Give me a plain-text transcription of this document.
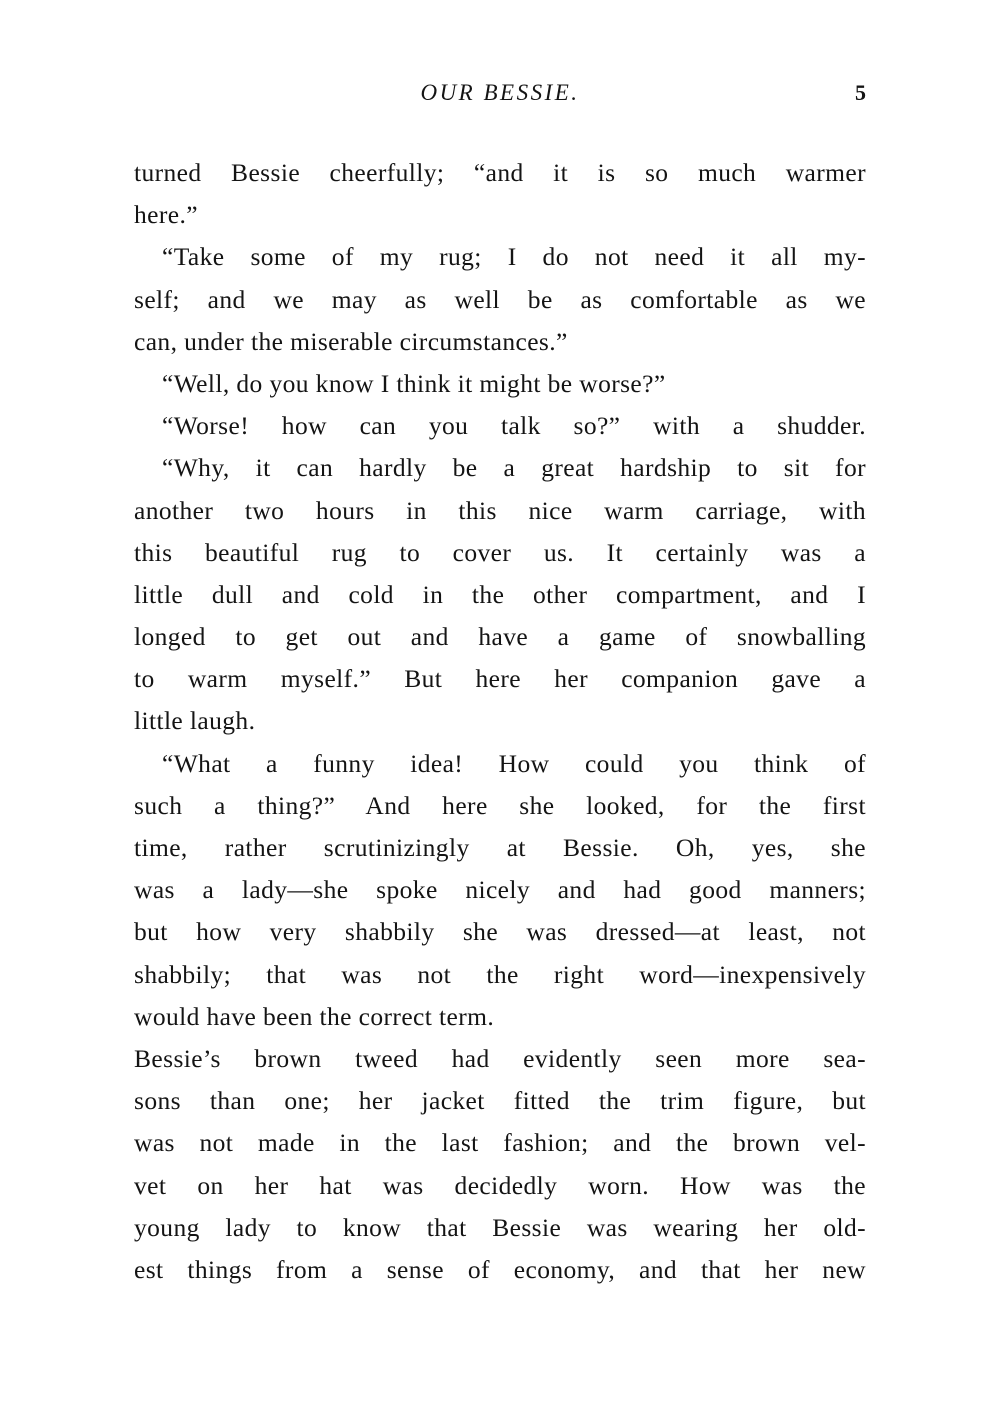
OUR BESSIE.	5
turned Bessie cheerfully; “and it is so much warmer
here.”
“Take some of my rug; I do not need it all my-
self; and we may as well be as comfortable as we
can, under the miserable circumstances.”
“Well, do you know I think it might be worse?”
“Worse! how can you talk so?” with a shudder.
“Why, it can hardly be a great hardship to sit for
another two hours in this nice warm carriage, with
this beautiful rug to cover us. It certainly was a
little dull and cold in the other compartment, and I
longed to get out and have a game of snowballing
to warm myself.” But here her companion gave a
little laugh.
“What a funny idea! How could you think of
such a thing?” And here she looked, for the first
time, rather scrutinizingly at Bessie. Oh, yes, she
was a lady—she spoke nicely and had good manners;
but how very shabbily she was dressed—at least, not
shabbily; that was not the right word—inexpensively
would have been the correct term.
Bessie’s brown tweed had evidently seen more sea-
sons than one; her jacket fitted the trim figure, but
was not made in the last fashion; and the brown vel-
vet on her hat was decidedly worn. How was the
young lady to know that Bessie was wearing her old-
est things from a sense of economy, and that her new
